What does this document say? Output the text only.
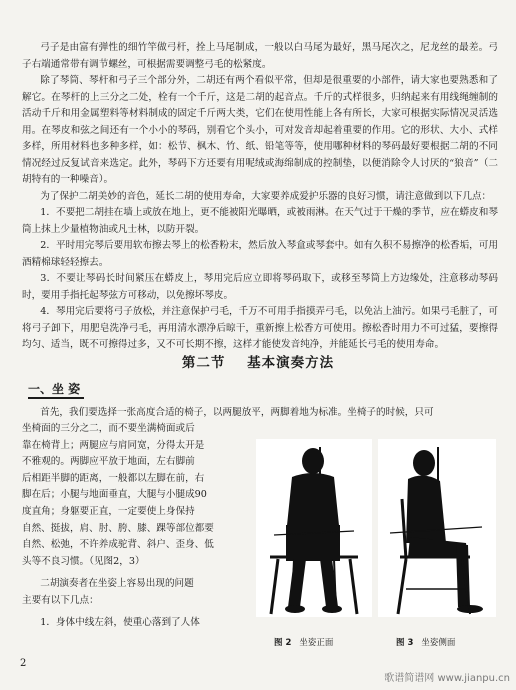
弓子是由富有弹性的细竹竿做弓杆，拴上马尾制成，一般以白马尾为最好，黑马尾次之，尼龙丝的最差。弓子右端通常带有调节螺丝，可根据需要调整弓毛的松紧度。

除了琴筒、琴杆和弓子三个部分外，二胡还有两个看似平常，但却是很重要的小部件，请大家也要熟悉和了解它。在琴杆的上三分之二处，栓有一个千斤，这是二胡的起音点。千斤的式样很多，归纳起来有用线绳缠制的活动千斤和用金属塑料等材料制成的固定千斤两大类，它们在使用性能上各有所长，大家可根据实际情况灵活选用。在琴皮和弦之间还有一个小小的琴码，别看它个头小，可对发音却起着重要的作用。它的形状、大小、式样多样，所用材料也多种多样，如：松节、枫木、竹、纸、铅笔等等，使用哪种材料的琴码最好要根据二胡的不同情况经过反复试音来选定。此外，琴码下方还要有用呢绒或海绵制成的控制垫，以便消除令人讨厌的“狼音”（二胡特有的一种噪音）。

为了保护二胡美妙的音色，延长二胡的使用寿命，大家要养成爱护乐器的良好习惯，请注意做到以下几点：

1．不要把二胡挂在墙上或放在地上，更不能被阳光曝晒，或被雨淋。在天气过于干燥的季节，应在蟒皮和琴筒上抹上少量植物油或凡士林，以防开裂。

2．平时用完琴后要用软布擦去琴上的松香粉末，然后放入琴盒或琴套中。如有久积不易擦净的松香垢，可用酒精棉球轻轻擦去。

3．不要让琴码长时间紧压在蟒皮上，琴用完后应立即将琴码取下，或移至琴筒上方边缘处，注意移动琴码时，要用手指托起琴弦方可移动，以免擦坏琴皮。

4．琴用完后要将弓子放松，并注意保护弓毛，千万不可用手指摸弄弓毛，以免沾上油污。如果弓毛脏了，可将弓子卸下，用肥皂洗净弓毛，再用清水漂净后晾干，重新擦上松香方可使用。擦松香时用力不可过猛，要擦得均匀、适当，既不可擦得过多，又不可长期不擦，这样才能使发音纯净，并能延长弓毛的使用寿命。

第二节 基本演奏方法
一、坐 姿
首先，我们要选择一张高度合适的椅子，以两腿放平，两脚着地为标准。坐椅子的时候，只可
坐椅面的三分之二，而不要坐满椅面或后
靠在椅背上；两腿应与肩同宽，分得太开是
不雅观的。两脚应平放于地面，左右脚前
后相距半脚的距离，一般都以左脚在前，右
脚在后；小腿与地面垂直，大腿与小腿成90
度直角；身躯要正直，一定要使上身保持
自然、挺拔，肩、肘、胯、膝、踝等部位都要
自然、松弛，不许养成驼背、斜户、歪身、低
头等不良习惯。（见图2，3）
二胡演奏者在坐姿上容易出现的问题
主要有以下几点：
1．身体中线左斜，使重心落到了人体
图 2 坐姿正面	图 3 坐姿侧面
2
歌谱简谱网 www.jianpu.cn
